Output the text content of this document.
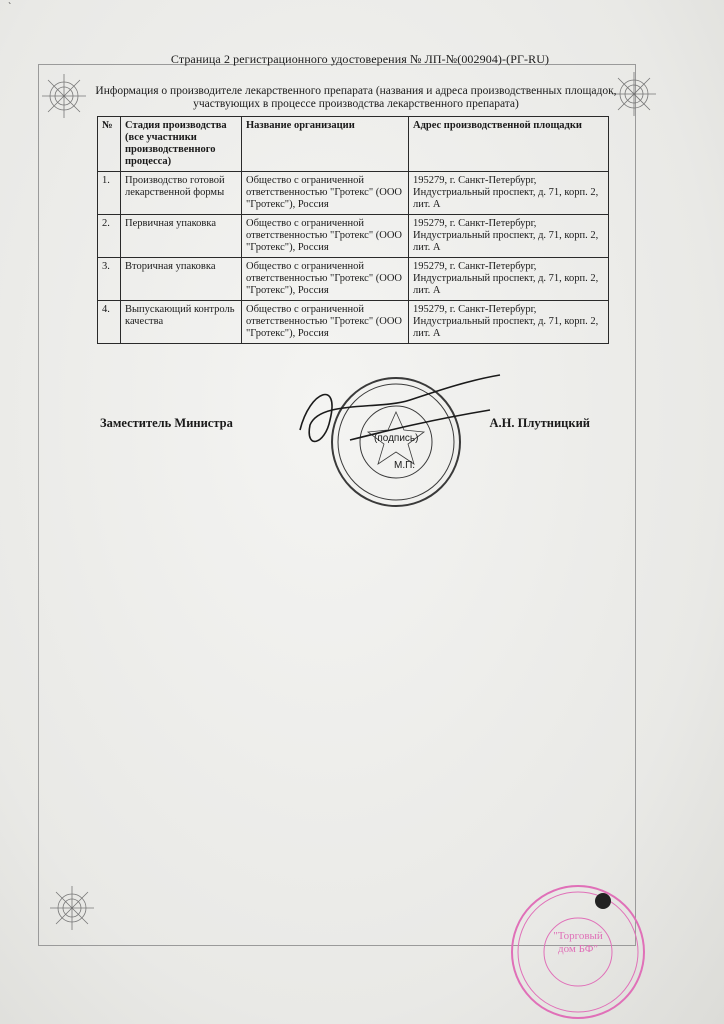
`
Страница 2 регистрационного удостоверения № ЛП-№(002904)-(РГ-RU)
Информация о производителе лекарственного препарата (названия и адреса производственных площадок,
участвующих в процессе производства лекарственного препарата)
№	Стадия производства (все участники производственного процесса)	Название организации	Адрес производственной площадки
1.	Производство готовой лекарственной формы	Общество с ограниченной ответственностью "Гротекс" (ООО "Гротекс"), Россия	195279, г. Санкт-Петербург, Индустриальный проспект, д. 71, корп. 2, лит. А
2.	Первичная упаковка	Общество с ограниченной ответственностью "Гротекс" (ООО "Гротекс"), Россия	195279, г. Санкт-Петербург, Индустриальный проспект, д. 71, корп. 2, лит. А
3.	Вторичная упаковка	Общество с ограниченной ответственностью "Гротекс" (ООО "Гротекс"), Россия	195279, г. Санкт-Петербург, Индустриальный проспект, д. 71, корп. 2, лит. А
4.	Выпускающий контроль качества	Общество с ограниченной ответственностью "Гротекс" (ООО "Гротекс"), Россия	195279, г. Санкт-Петербург, Индустриальный проспект, д. 71, корп. 2, лит. А
(подпись)
М.П.
Заместитель Министра	А.Н. Плутницкий
"Торговый
дом БФ"
